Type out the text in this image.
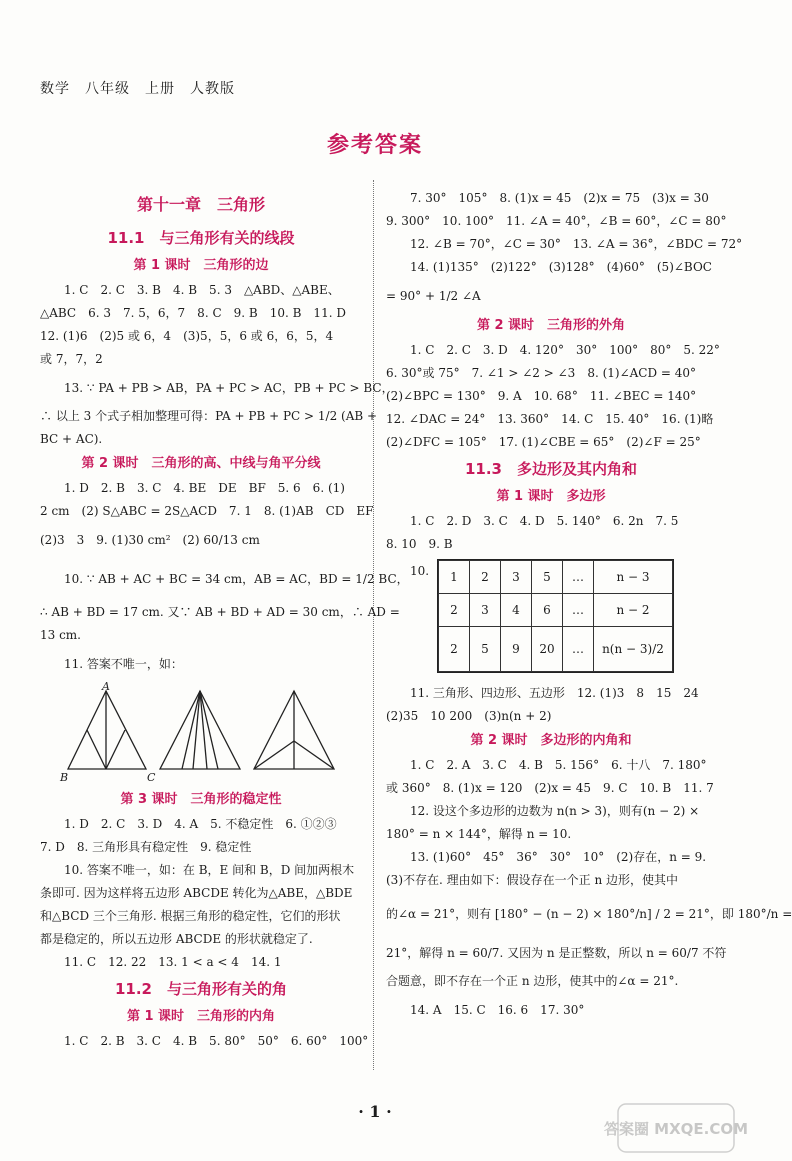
数学　八年级　上册　人教版
参考答案
第十一章　三角形
11.1　与三角形有关的线段
第 1 课时　三角形的边
1. C　2. C　3. B　4. B　5. 3　△ABD、△ABE、
△ABC　6. 3　7. 5，6，7　8. C　9. B　10. B　11. D
12. (1)6　(2)5 或 6，4　(3)5，5，6 或 6，6，5，4
或 7，7，2
13. ∵ PA + PB > AB，PA + PC > AC，PB + PC > BC，
∴ 以上 3 个式子相加整理可得：PA + PB + PC > 1/2 (AB +
BC + AC).
第 2 课时　三角形的高、中线与角平分线
1. D　2. B　3. C　4. BE　DE　BF　5. 6　6. (1)
2 cm　(2) S△ABC = 2S△ACD　7. 1　8. (1)AB　CD　EF
(2)3　3　9. (1)30 cm²　(2) 60/13 cm
10. ∵ AB + AC + BC = 34 cm，AB = AC，BD = 1/2 BC，
∴ AB + BD = 17 cm. 又∵ AB + BD + AD = 30 cm，∴ AD =
13 cm.
11. 答案不唯一，如：
A
B	C
第 3 课时　三角形的稳定性
1. D　2. C　3. D　4. A　5. 不稳定性　6. ①②③
7. D　8. 三角形具有稳定性　9. 稳定性
10. 答案不唯一，如：在 B，E 间和 B，D 间加两根木
条即可. 因为这样将五边形 ABCDE 转化为△ABE，△BDE
和△BCD 三个三角形. 根据三角形的稳定性，它们的形状
都是稳定的，所以五边形 ABCDE 的形状就稳定了.
11. C　12. 22　13. 1 < a < 4　14. 1
11.2　与三角形有关的角
第 1 课时　三角形的内角
1. C　2. B　3. C　4. B　5. 80°　50°　6. 60°　100°
7. 30°　105°　8. (1)x = 45　(2)x = 75　(3)x = 30
9. 300°　10. 100°　11. ∠A = 40°，∠B = 60°，∠C = 80°
12. ∠B = 70°，∠C = 30°　13. ∠A = 36°，∠BDC = 72°
14. (1)135°　(2)122°　(3)128°　(4)60°　(5)∠BOC
= 90° + 1/2 ∠A
第 2 课时　三角形的外角
1. C　2. C　3. D　4. 120°　30°　100°　80°　5. 22°
6. 30°或 75°　7. ∠1 > ∠2 > ∠3　8. (1)∠ACD = 40°
(2)∠BPC = 130°　9. A　10. 68°　11. ∠BEC = 140°
12. ∠DAC = 24°　13. 360°　14. C　15. 40°　16. (1)略
(2)∠DFC = 105°　17. (1)∠CBE = 65°　(2)∠F = 25°
11.3　多边形及其内角和
第 1 课时　多边形
1. C　2. D　3. C　4. D　5. 140°　6. 2n　7. 5
8. 10　9. B
10. 1	2	3	5	…	n − 3
2	3	4	6	…	n − 2
2	5	9	20	…	n(n − 3)/2
11. 三角形、四边形、五边形　12. (1)3　8　15　24
(2)35　10 200　(3)n(n + 2)
第 2 课时　多边形的内角和
1. C　2. A　3. C　4. B　5. 156°　6. 十八　7. 180°
或 360°　8. (1)x = 120　(2)x = 45　9. C　10. B　11. 7
12. 设这个多边形的边数为 n(n > 3)，则有(n − 2) ×
180° = n × 144°，解得 n = 10.
13. (1)60°　45°　36°　30°　10°　(2)存在，n = 9.
(3)不存在. 理由如下：假设存在一个正 n 边形，使其中
的∠α = 21°，则有 [180° − (n − 2) × 180°/n] / 2 = 21°，即 180°/n =
21°，解得 n = 60/7. 又因为 n 是正整数，所以 n = 60/7 不符
合题意，即不存在一个正 n 边形，使其中的∠α = 21°.
14. A　15. C　16. 6　17. 30°
· 1 ·
答案圈 MXQE.COM
